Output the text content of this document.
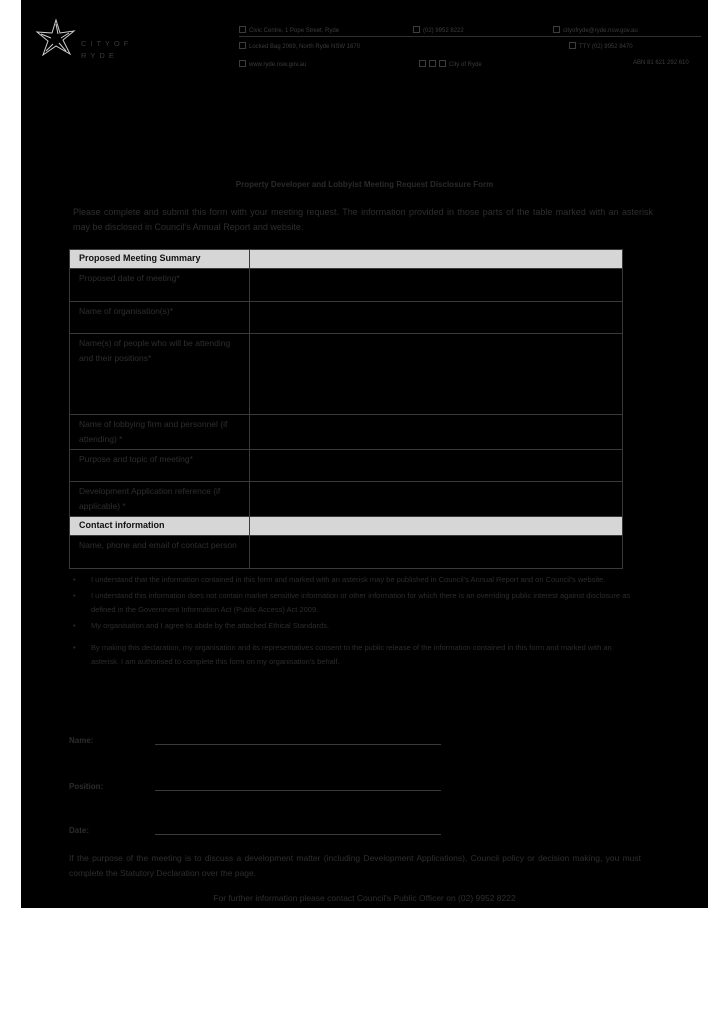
C I T Y O F
R Y D E
Civic Centre, 1 Pope Street, Ryde	(02) 9952 8222	cityofryde@ryde.nsw.gov.au
Locked Bag 2069, North Ryde NSW 1670	TTY (02) 9952 8470
www.ryde.nsw.gov.au	City of Ryde	ABN 81 621 292 610
Property Developer and Lobbyist Meeting Request Disclosure Form
Please complete and submit this form with your meeting request. The information provided in those parts of the table marked with an asterisk may be disclosed in Council's Annual Report and website.
Proposed Meeting Summary	
Proposed date of meeting*	
Name of organisation(s)*	
Name(s) of people who will be attending and their positions*	
Name of lobbying firm and personnel (if attending) *	
Purpose and topic of meeting*	
Development Application reference (if applicable) *	
Contact information	
Name, phone and email of contact person	
• I understand that the information contained in this form and marked with an asterisk may be published in Council's Annual Report and on Council's website.
• I understand this information does not contain market sensitive information or other information for which there is an overriding public interest against disclosure as defined in the Government Information Act (Public Access) Act 2009.
• My organisation and I agree to abide by the attached Ethical Standards.
• By making this declaration, my organisation and its representatives consent to the public release of the information contained in this form and marked with an asterisk. I am authorised to complete this form on my organisation's behalf.
Name:
Position:
Date:
If the purpose of the meeting is to discuss a development matter (including Development Applications), Council policy or decision making, you must complete the Statutory Declaration over the page.
For further information please contact Council's Public Officer on (02) 9952 8222
